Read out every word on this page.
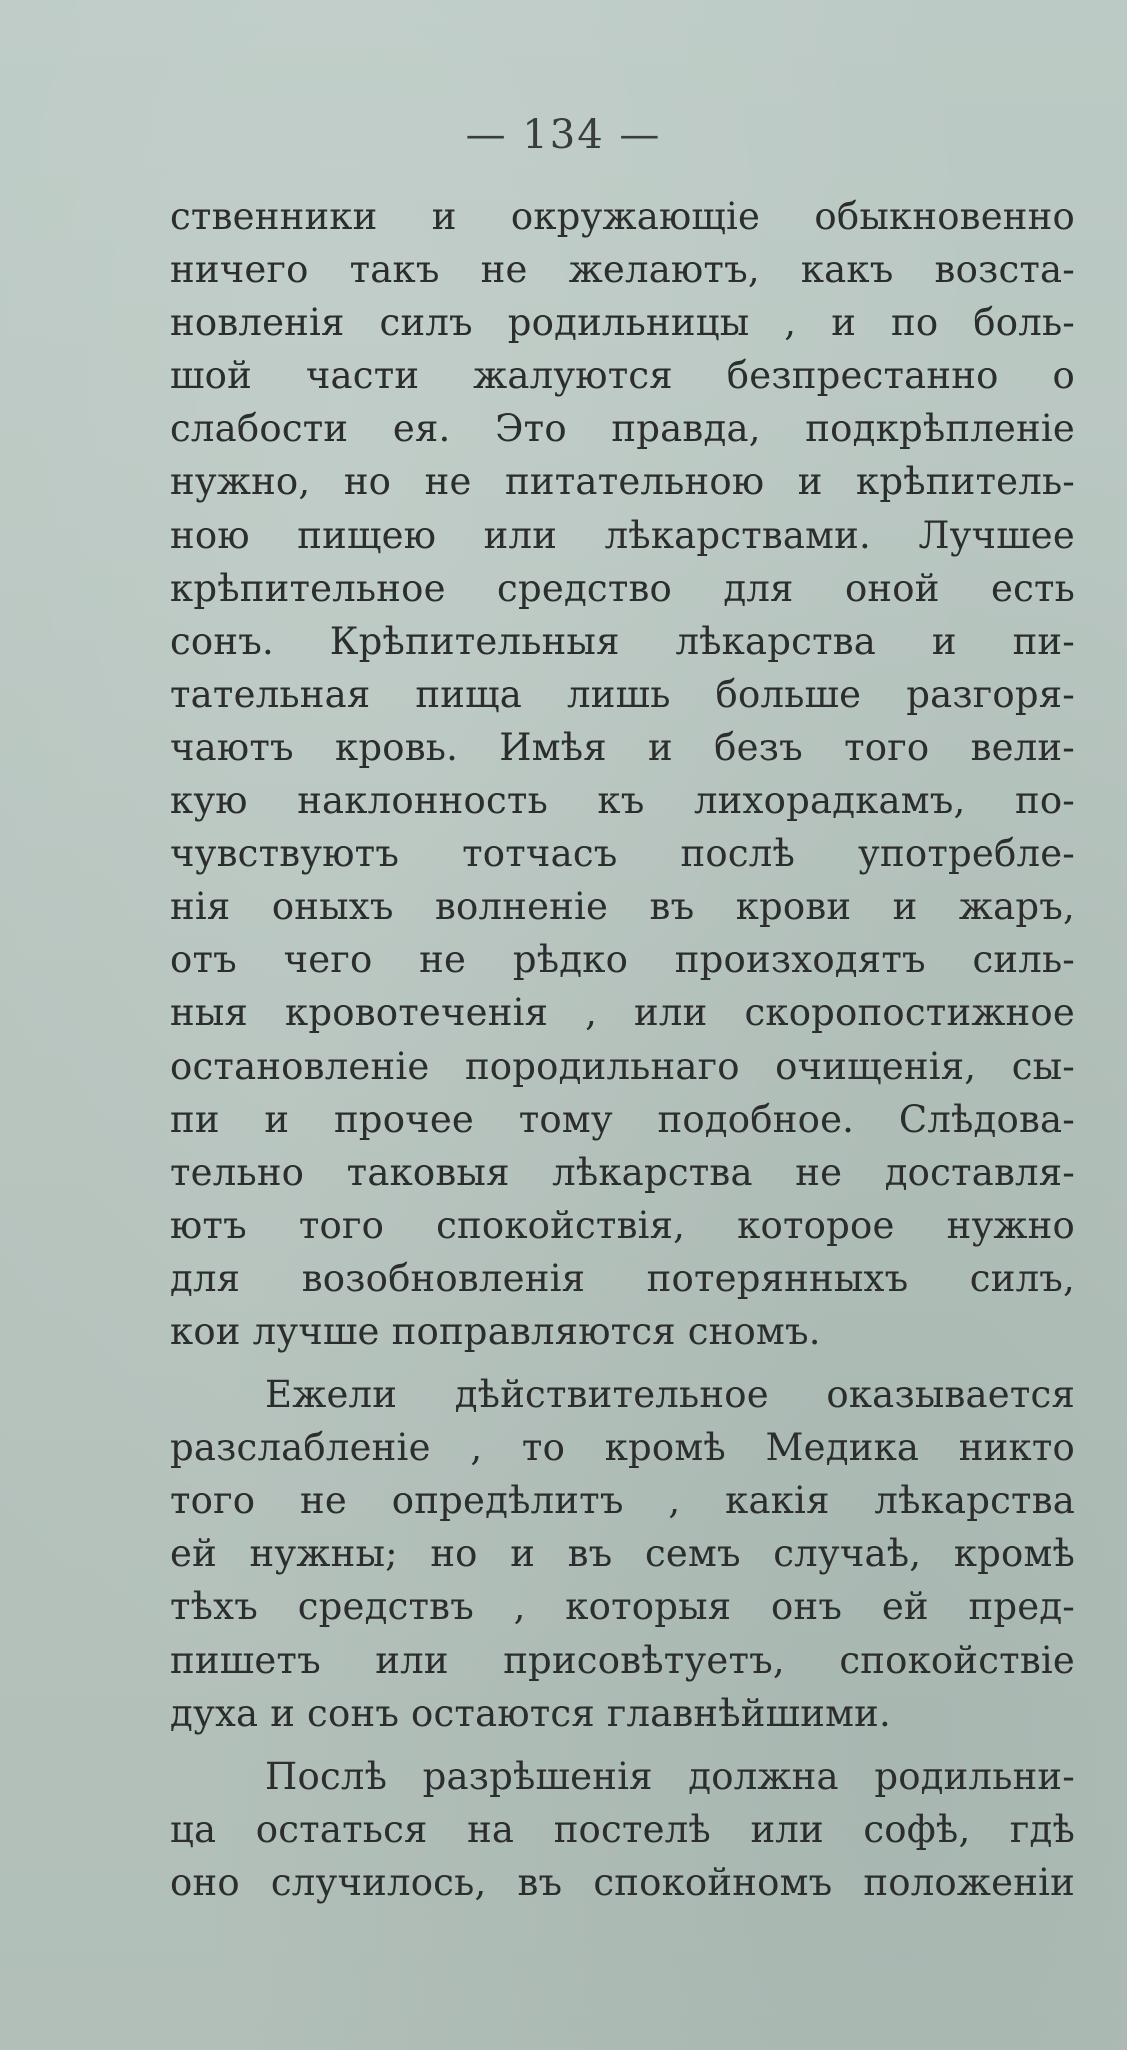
— 134 —
ственники и окружающіе обыкновенно
ничего такъ не желаютъ, какъ возста-
новленія силъ родильницы , и по боль-
шой части жалуются безпрестанно о
слабости ея. Это правда, подкрѣпленіе
нужно, но не питательною и крѣпитель-
ною пищею или лѣкарствами. Лучшее
крѣпительное средство для оной есть
сонъ. Крѣпительныя лѣкарства и пи-
тательная пища лишь больше разгоря-
чаютъ кровь. Имѣя и безъ того вели-
кую наклонность къ лихорадкамъ, по-
чувствуютъ тотчасъ послѣ употребле-
нія оныхъ волненіе въ крови и жаръ,
отъ чего не рѣдко произходятъ силь-
ныя кровотеченія , или скоропостижное
остановленіе породильнаго очищенія, сы-
пи и прочее тому подобное. Слѣдова-
тельно таковыя лѣкарства не доставля-
ютъ того спокойствія, которое нужно
для возобновленія потерянныхъ силъ,
кои лучше поправляются сномъ.
Ежели дѣйствительное оказывается
разслабленіе , то кромѣ Медика никто
того не опредѣлитъ , какія лѣкарства
ей нужны; но и въ семъ случаѣ, кромѣ
тѣхъ средствъ , которыя онъ ей пред-
пишетъ или присовѣтуетъ, спокойствіе
духа и сонъ остаются главнѣйшими.
Послѣ разрѣшенія должна родильни-
ца остаться на постелѣ или софѣ, гдѣ
оно случилось, въ спокойномъ положеніи
